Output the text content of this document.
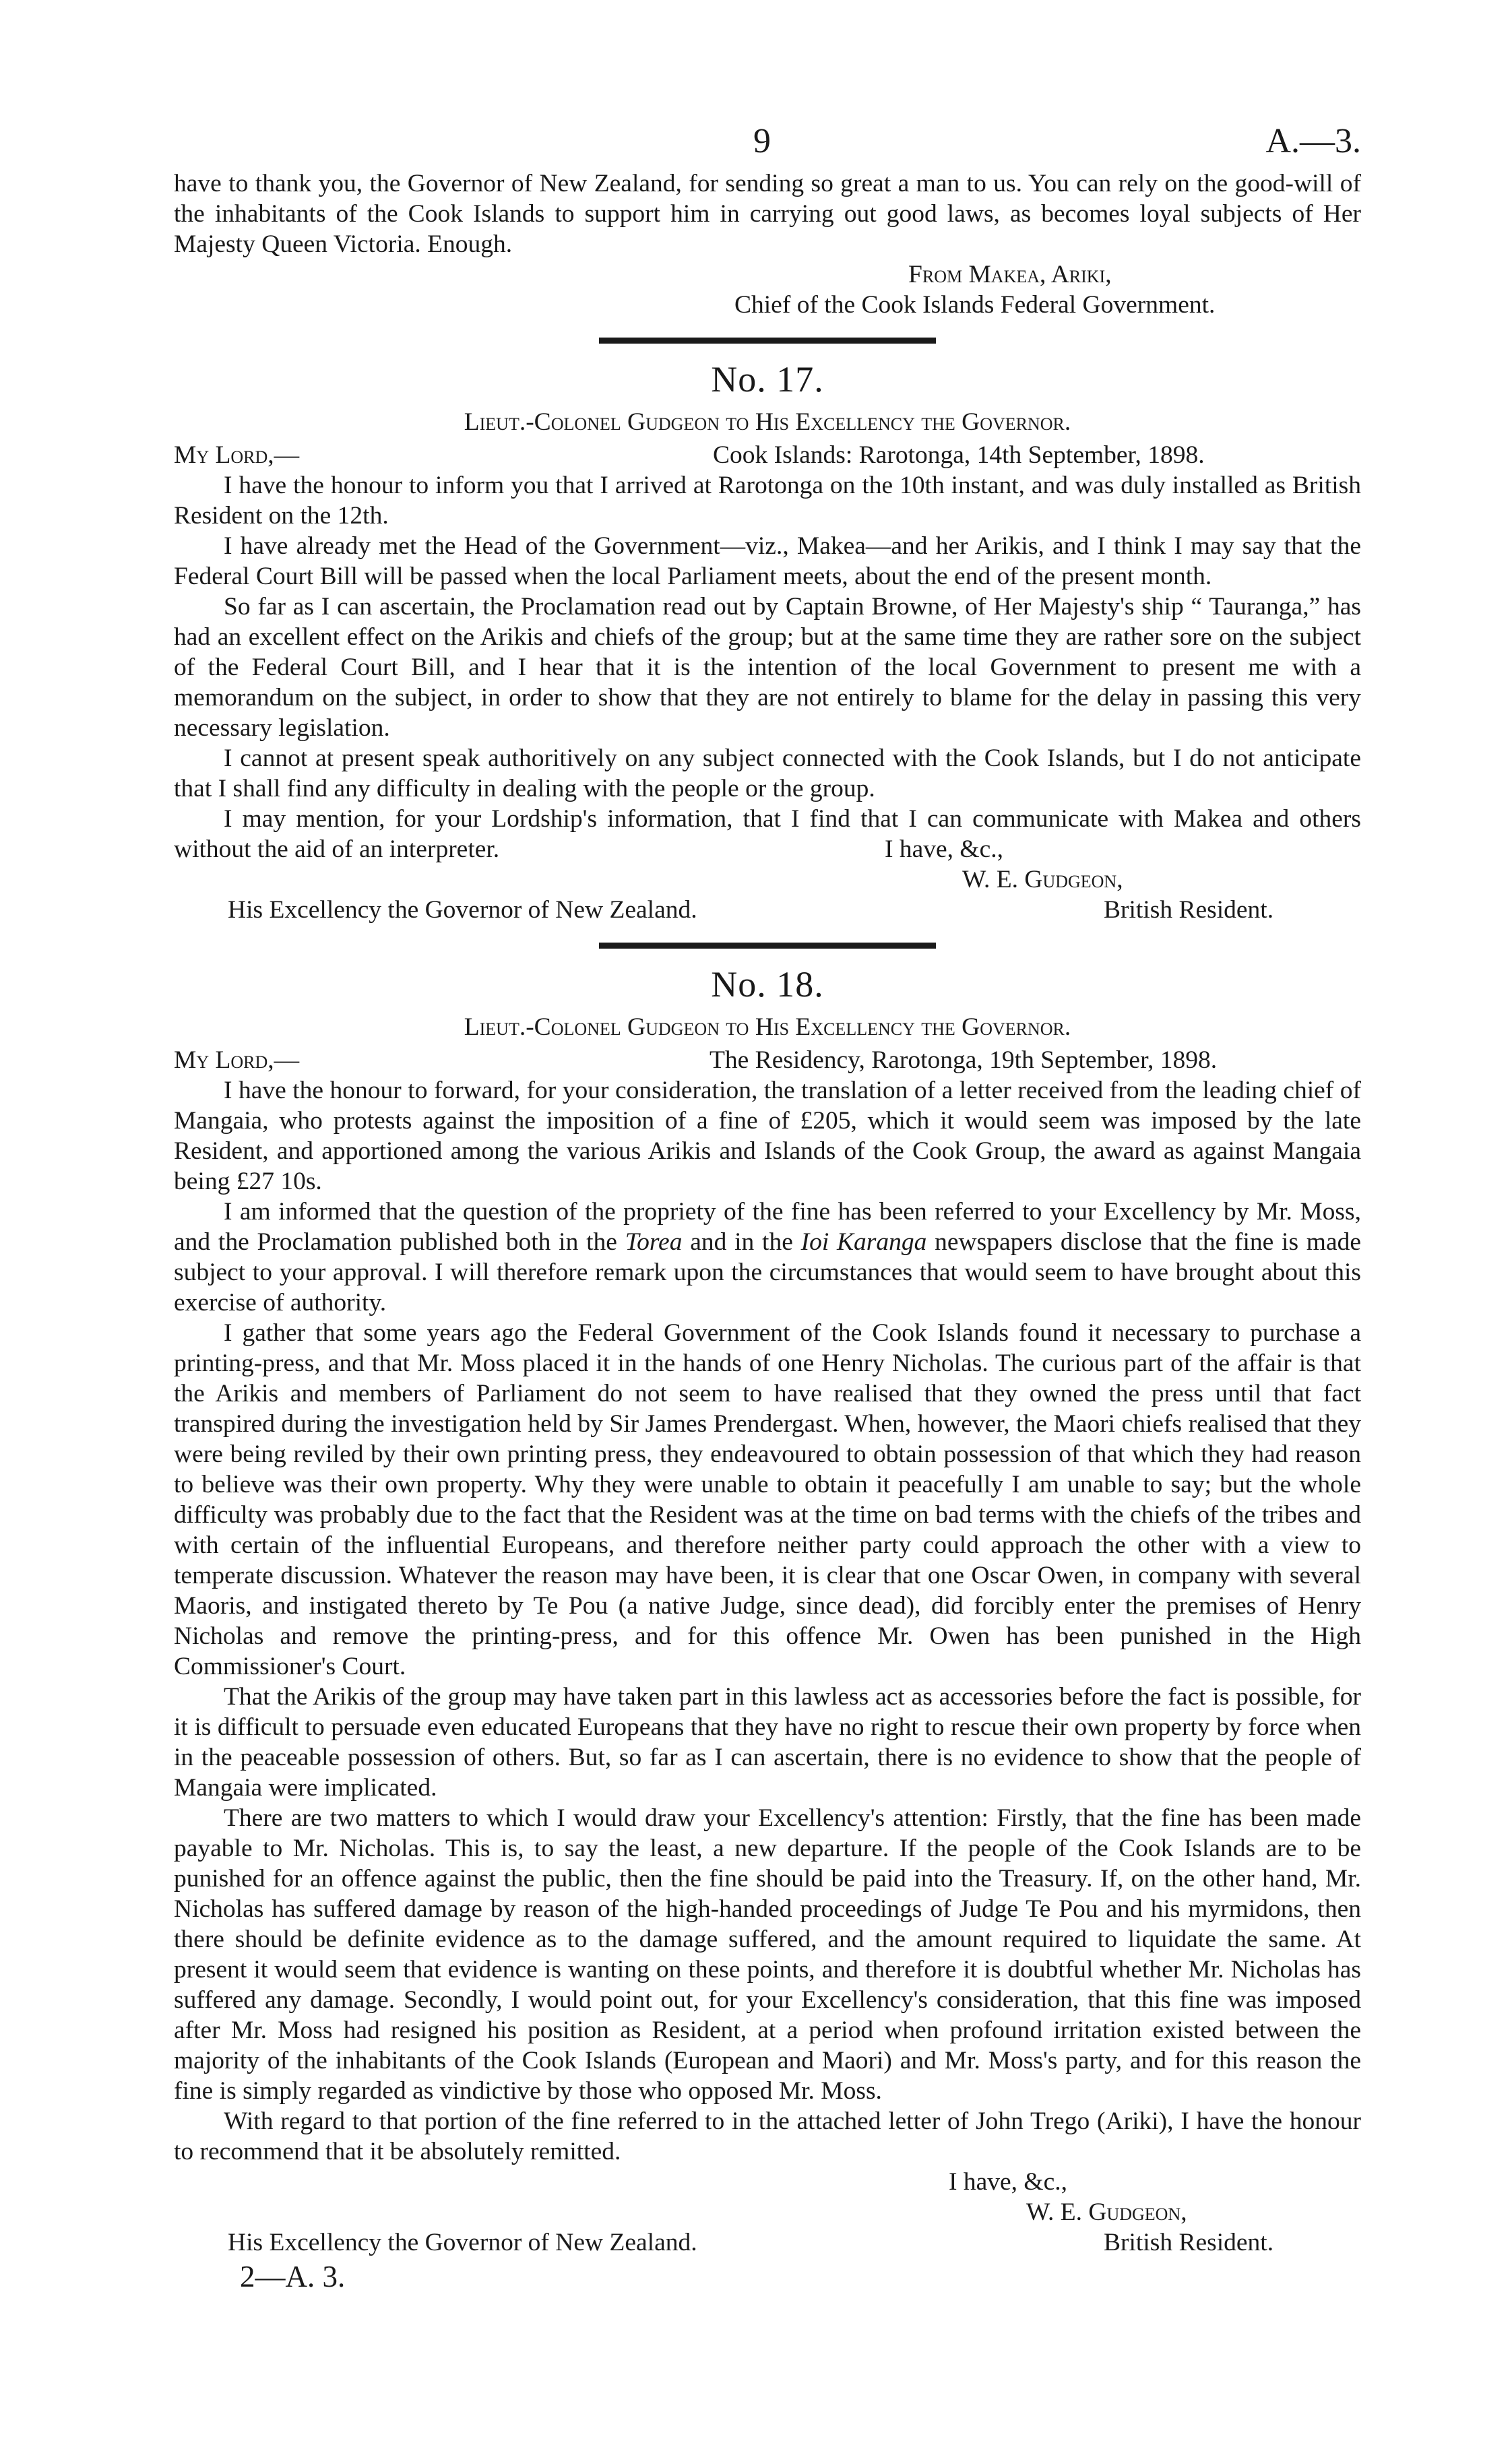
9	A.—3.

have to thank you, the Governor of New Zealand, for sending so great a man to us. You can rely on the good-will of the inhabitants of the Cook Islands to support him in carrying out good laws, as becomes loyal subjects of Her Majesty Queen Victoria. Enough.

From Makea, Ariki,
Chief of the Cook Islands Federal Government.
No. 17.
Lieut.-Colonel Gudgeon to His Excellency the Governor.
My Lord,—	Cook Islands: Rarotonga, 14th September, 1898.

I have the honour to inform you that I arrived at Rarotonga on the 10th instant, and was duly installed as British Resident on the 12th.

I have already met the Head of the Government—viz., Makea—and her Arikis, and I think I may say that the Federal Court Bill will be passed when the local Parliament meets, about the end of the present month.

So far as I can ascertain, the Proclamation read out by Captain Browne, of Her Majesty's ship “ Tauranga,” has had an excellent effect on the Arikis and chiefs of the group; but at the same time they are rather sore on the subject of the Federal Court Bill, and I hear that it is the intention of the local Government to present me with a memorandum on the subject, in order to show that they are not entirely to blame for the delay in passing this very necessary legislation.

I cannot at present speak authoritively on any subject connected with the Cook Islands, but I do not anticipate that I shall find any difficulty in dealing with the people or the group.

I may mention, for your Lordship's information, that I find that I can communicate with Makea and others without the aid of an interpreter.	I have, &c.,
W. E. Gudgeon,
His Excellency the Governor of New Zealand.	British Resident.
No. 18.
Lieut.-Colonel Gudgeon to His Excellency the Governor.
My Lord,—	The Residency, Rarotonga, 19th September, 1898.

I have the honour to forward, for your consideration, the translation of a letter received from the leading chief of Mangaia, who protests against the imposition of a fine of £205, which it would seem was imposed by the late Resident, and apportioned among the various Arikis and Islands of the Cook Group, the award as against Mangaia being £27 10s.

I am informed that the question of the propriety of the fine has been referred to your Excellency by Mr. Moss, and the Proclamation published both in the Torea and in the Ioi Karanga newspapers disclose that the fine is made subject to your approval. I will therefore remark upon the circumstances that would seem to have brought about this exercise of authority.

I gather that some years ago the Federal Government of the Cook Islands found it necessary to purchase a printing-press, and that Mr. Moss placed it in the hands of one Henry Nicholas. The curious part of the affair is that the Arikis and members of Parliament do not seem to have realised that they owned the press until that fact transpired during the investigation held by Sir James Prendergast. When, however, the Maori chiefs realised that they were being reviled by their own printing press, they endeavoured to obtain possession of that which they had reason to believe was their own property. Why they were unable to obtain it peacefully I am unable to say; but the whole difficulty was probably due to the fact that the Resident was at the time on bad terms with the chiefs of the tribes and with certain of the influential Europeans, and therefore neither party could approach the other with a view to temperate discussion. Whatever the reason may have been, it is clear that one Oscar Owen, in company with several Maoris, and instigated thereto by Te Pou (a native Judge, since dead), did forcibly enter the premises of Henry Nicholas and remove the printing-press, and for this offence Mr. Owen has been punished in the High Commissioner's Court.

That the Arikis of the group may have taken part in this lawless act as accessories before the fact is possible, for it is difficult to persuade even educated Europeans that they have no right to rescue their own property by force when in the peaceable possession of others. But, so far as I can ascertain, there is no evidence to show that the people of Mangaia were implicated.

There are two matters to which I would draw your Excellency's attention: Firstly, that the fine has been made payable to Mr. Nicholas. This is, to say the least, a new departure. If the people of the Cook Islands are to be punished for an offence against the public, then the fine should be paid into the Treasury. If, on the other hand, Mr. Nicholas has suffered damage by reason of the high-handed proceedings of Judge Te Pou and his myrmidons, then there should be definite evidence as to the damage suffered, and the amount required to liquidate the same. At present it would seem that evidence is wanting on these points, and therefore it is doubtful whether Mr. Nicholas has suffered any damage. Secondly, I would point out, for your Excellency's consideration, that this fine was imposed after Mr. Moss had resigned his position as Resident, at a period when profound irritation existed between the majority of the inhabitants of the Cook Islands (European and Maori) and Mr. Moss's party, and for this reason the fine is simply regarded as vindictive by those who opposed Mr. Moss.

With regard to that portion of the fine referred to in the attached letter of John Trego (Ariki), I have the honour to recommend that it be absolutely remitted.

I have, &c.,
W. E. Gudgeon,
His Excellency the Governor of New Zealand.	British Resident.
2—A. 3.
